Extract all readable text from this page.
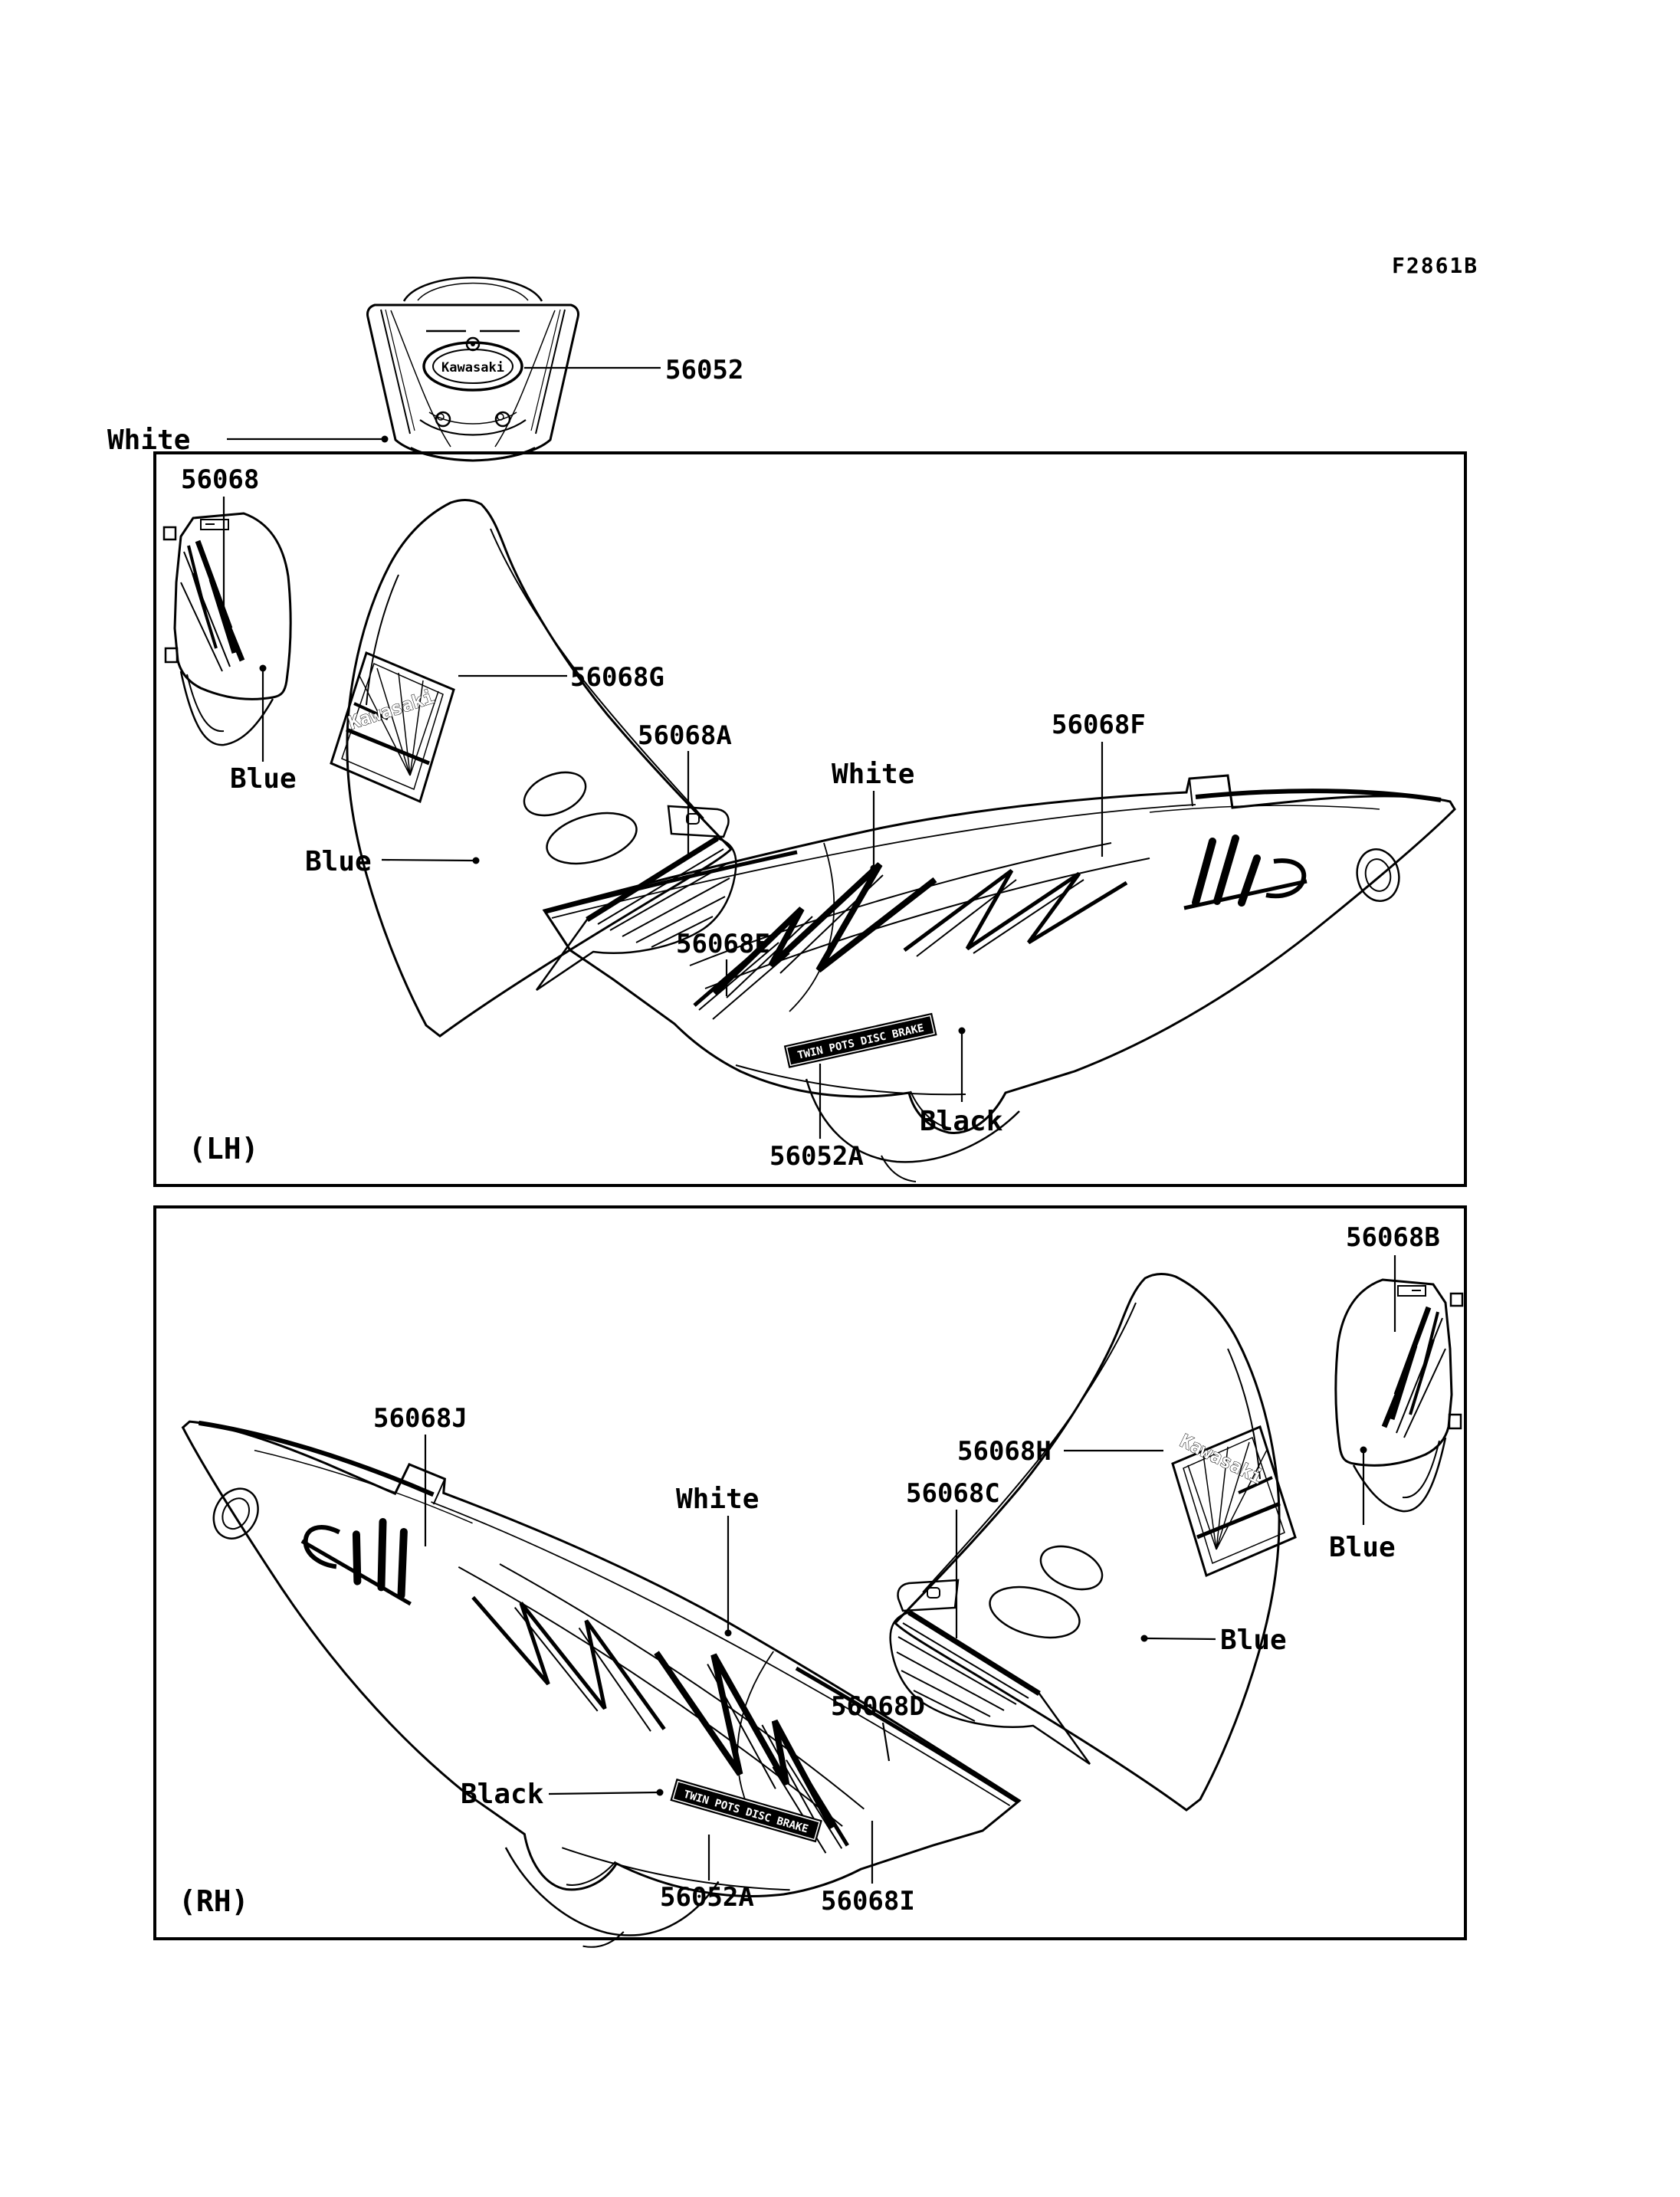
F2861B
Kawasaki	56052
White
Kawasaki
TWIN POTS DISC BRAKE
56068
Blue
56068G
56068A
Blue
White
56068F
56068E
Black
56052A
(LH)
Kawasaki
TWIN POTS DISC BRAKE
56068B
Blue
56068J
White
56068H
56068C
Blue
56068D
Black
56052A	56068I
(RH)
